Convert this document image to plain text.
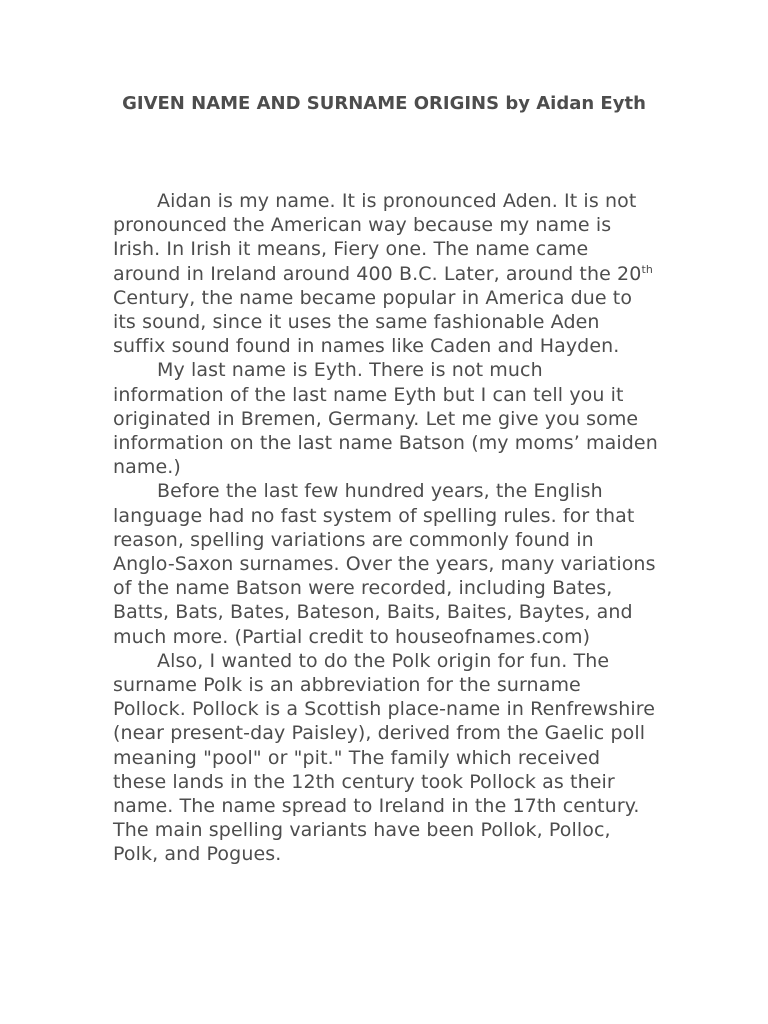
GIVEN NAME AND SURNAME ORIGINS by Aidan Eyth

Aidan is my name. It is pronounced Aden. It is not pronounced the American way because my name is Irish. In Irish it means, Fiery one. The name came around in Ireland around 400 B.C. Later, around the 20th Century, the name became popular in America due to its sound, since it uses the same fashionable Aden suffix sound found in names like Caden and Hayden.

My last name is Eyth. There is not much information of the last name Eyth but I can tell you it originated in Bremen, Germany. Let me give you some information on the last name Batson (my moms’ maiden name.)

Before the last few hundred years, the English language had no fast system of spelling rules. for that reason, spelling variations are commonly found in Anglo-Saxon surnames. Over the years, many variations of the name Batson were recorded, including Bates, Batts, Bats, Bates, Bateson, Baits, Baites, Baytes, and much more. (Partial credit to houseofnames.com)

Also, I wanted to do the Polk origin for fun. The surname Polk is an abbreviation for the surname Pollock. Pollock is a Scottish place-name in Renfrewshire (near present-day Paisley), derived from the Gaelic poll meaning "pool" or "pit." The family which received these lands in the 12th century took Pollock as their name. The name spread to Ireland in the 17th century. The main spelling variants have been Pollok, Polloc, Polk, and Pogues.
